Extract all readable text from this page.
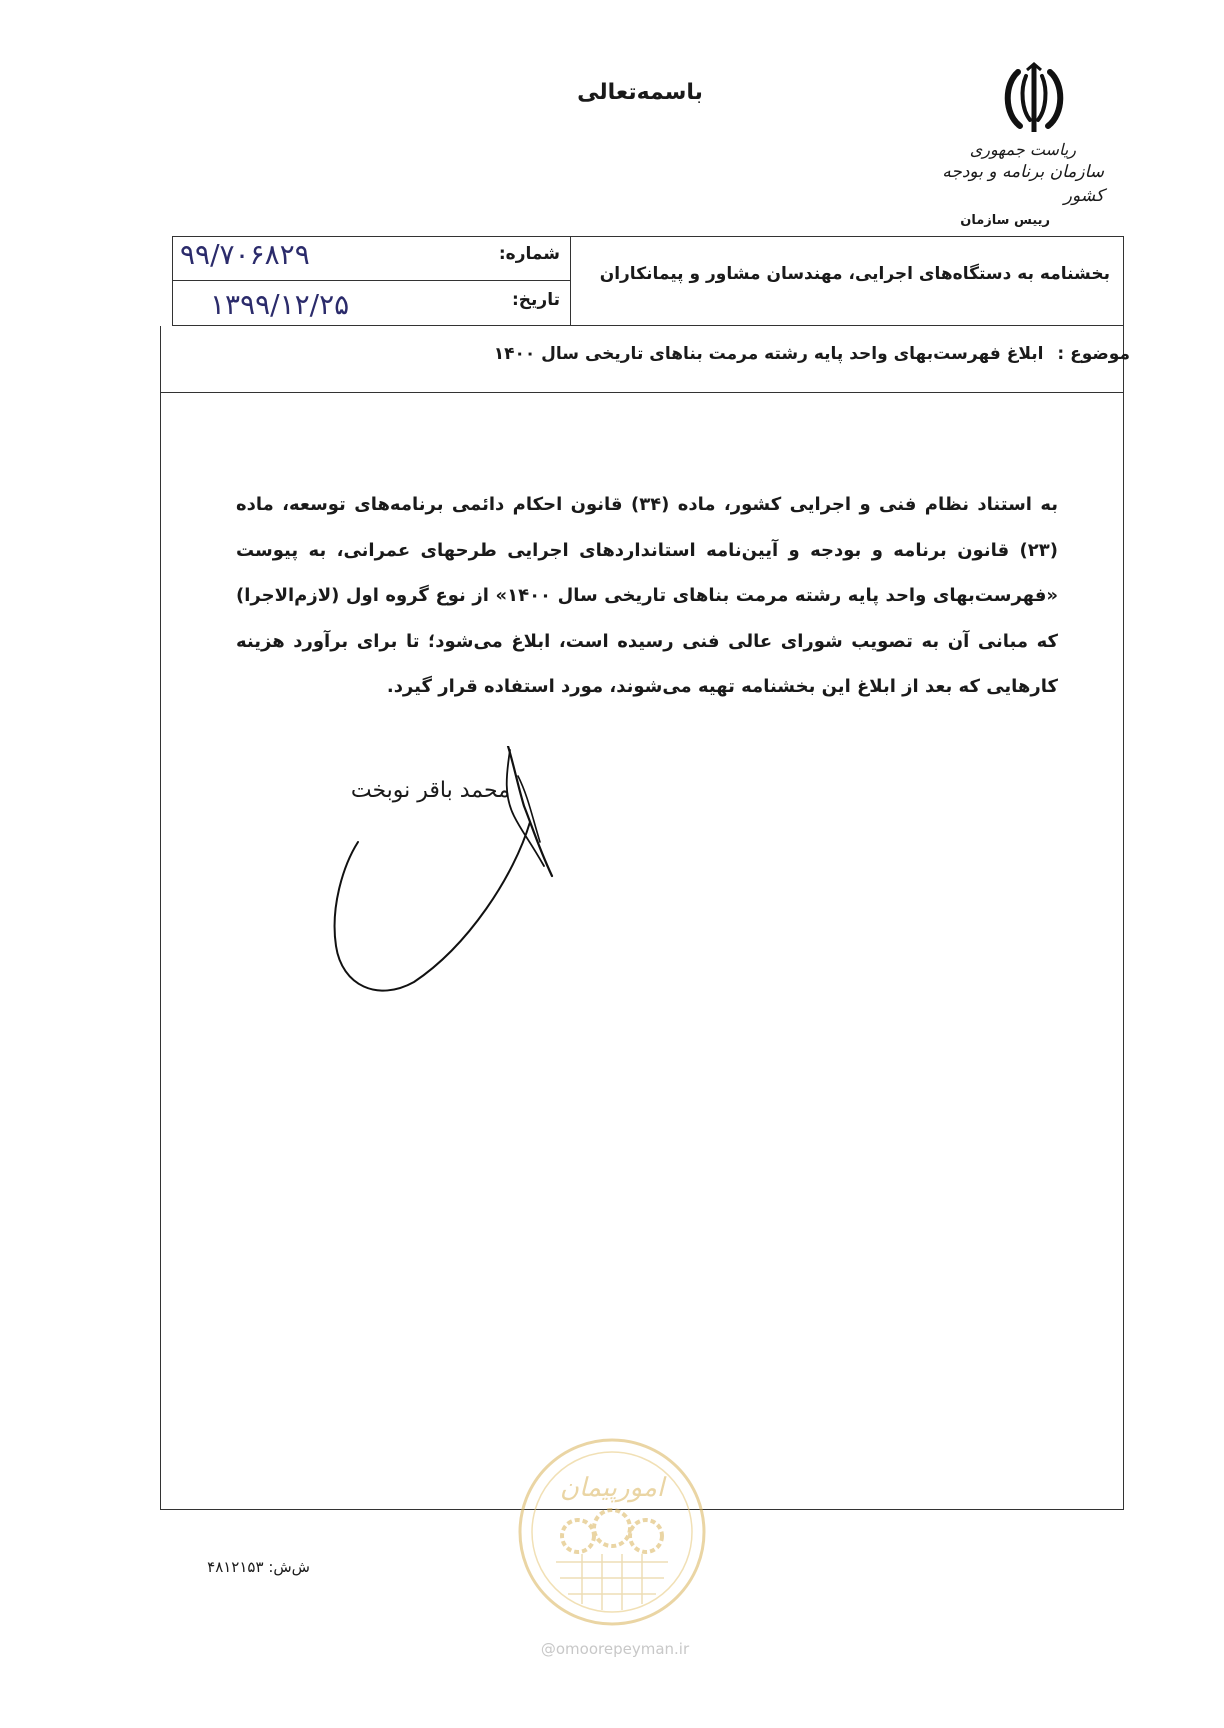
باسمه‌تعالی
ریاست جمهوری
سازمان برنامه و بودجه کشور
رییس سازمان
بخشنامه به دستگاه‌های اجرایی، مهندسان مشاور و پیمانکاران
شماره:
۹۹/۷۰۶۸۲۹
تاریخ:
۱۳۹۹/۱۲/۲۵
موضوع : ابلاغ فهرست‌بهای واحد پایه رشته مرمت بناهای تاریخی سال ۱۴۰۰
به استناد نظام فنی و اجرایی کشور، ماده (۳۴) قانون احکام دائمی برنامه‌های توسعه، ماده (۲۳) قانون برنامه و بودجه و آیین‌نامه استانداردهای اجرایی طرحهای عمرانی، به پیوست «فهرست‌بهای واحد پایه رشته مرمت بناهای تاریخی سال ۱۴۰۰» از نوع گروه اول (لازم‌الاجرا) که مبانی آن به تصویب شورای عالی فنی رسیده است، ابلاغ می‌شود؛ تا برای برآورد هزینه کارهایی که بعد از ابلاغ این بخشنامه تهیه می‌شوند، مورد استفاده قرار گیرد.
محمد باقر نوبخت
ش‌ش: ۴۸۱۲۱۵۳
امورپیمان
@omoorepeyman.ir
